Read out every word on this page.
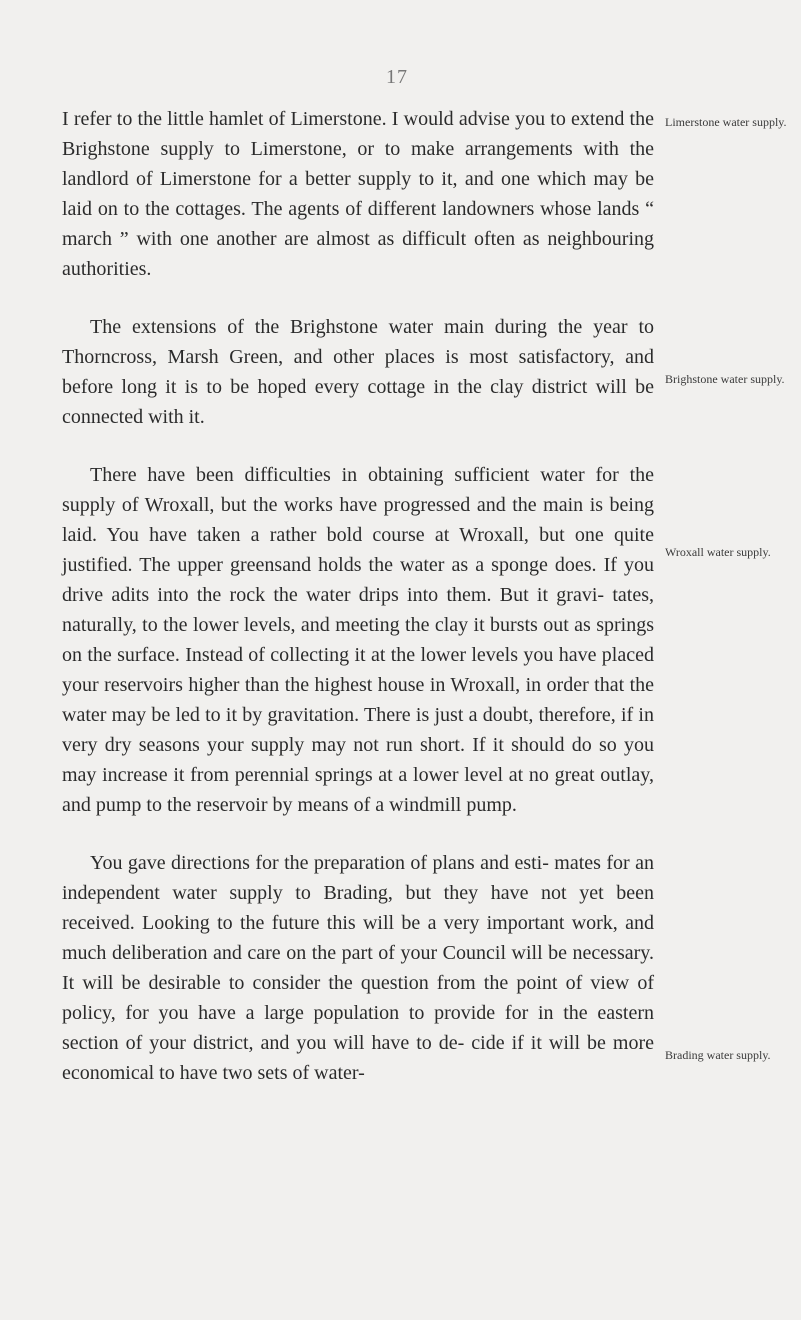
17

I refer to the little hamlet of Limerstone. I would advise you to extend the Brighstone supply to Limerstone, or to make arrangements with the landlord of Limerstone for a better supply to it, and one which may be laid on to the cottages. The agents of different landowners whose lands “ march ” with one another are almost as difficult often as neighbouring authorities.

The extensions of the Brighstone water main during the year to Thorncross, Marsh Green, and other places is most satisfactory, and before long it is to be hoped every cottage in the clay district will be connected with it.

There have been difficulties in obtaining sufficient water for the supply of Wroxall, but the works have progressed and the main is being laid. You have taken a rather bold course at Wroxall, but one quite justified. The upper greensand holds the water as a sponge does. If you drive adits into the rock the water drips into them. But it gravi- tates, naturally, to the lower levels, and meeting the clay it bursts out as springs on the surface. Instead of collecting it at the lower levels you have placed your reservoirs higher than the highest house in Wroxall, in order that the water may be led to it by gravitation. There is just a doubt, therefore, if in very dry seasons your supply may not run short. If it should do so you may increase it from perennial springs at a lower level at no great outlay, and pump to the reservoir by means of a windmill pump.

You gave directions for the preparation of plans and esti- mates for an independent water supply to Brading, but they have not yet been received. Looking to the future this will be a very important work, and much deliberation and care on the part of your Council will be necessary. It will be desirable to consider the question from the point of view of policy, for you have a large population to provide for in the eastern section of your district, and you will have to de- cide if it will be more economical to have two sets of water-

Limerstone water supply.
Brighstone water supply.
Wroxall water supply.
Brading water supply.
